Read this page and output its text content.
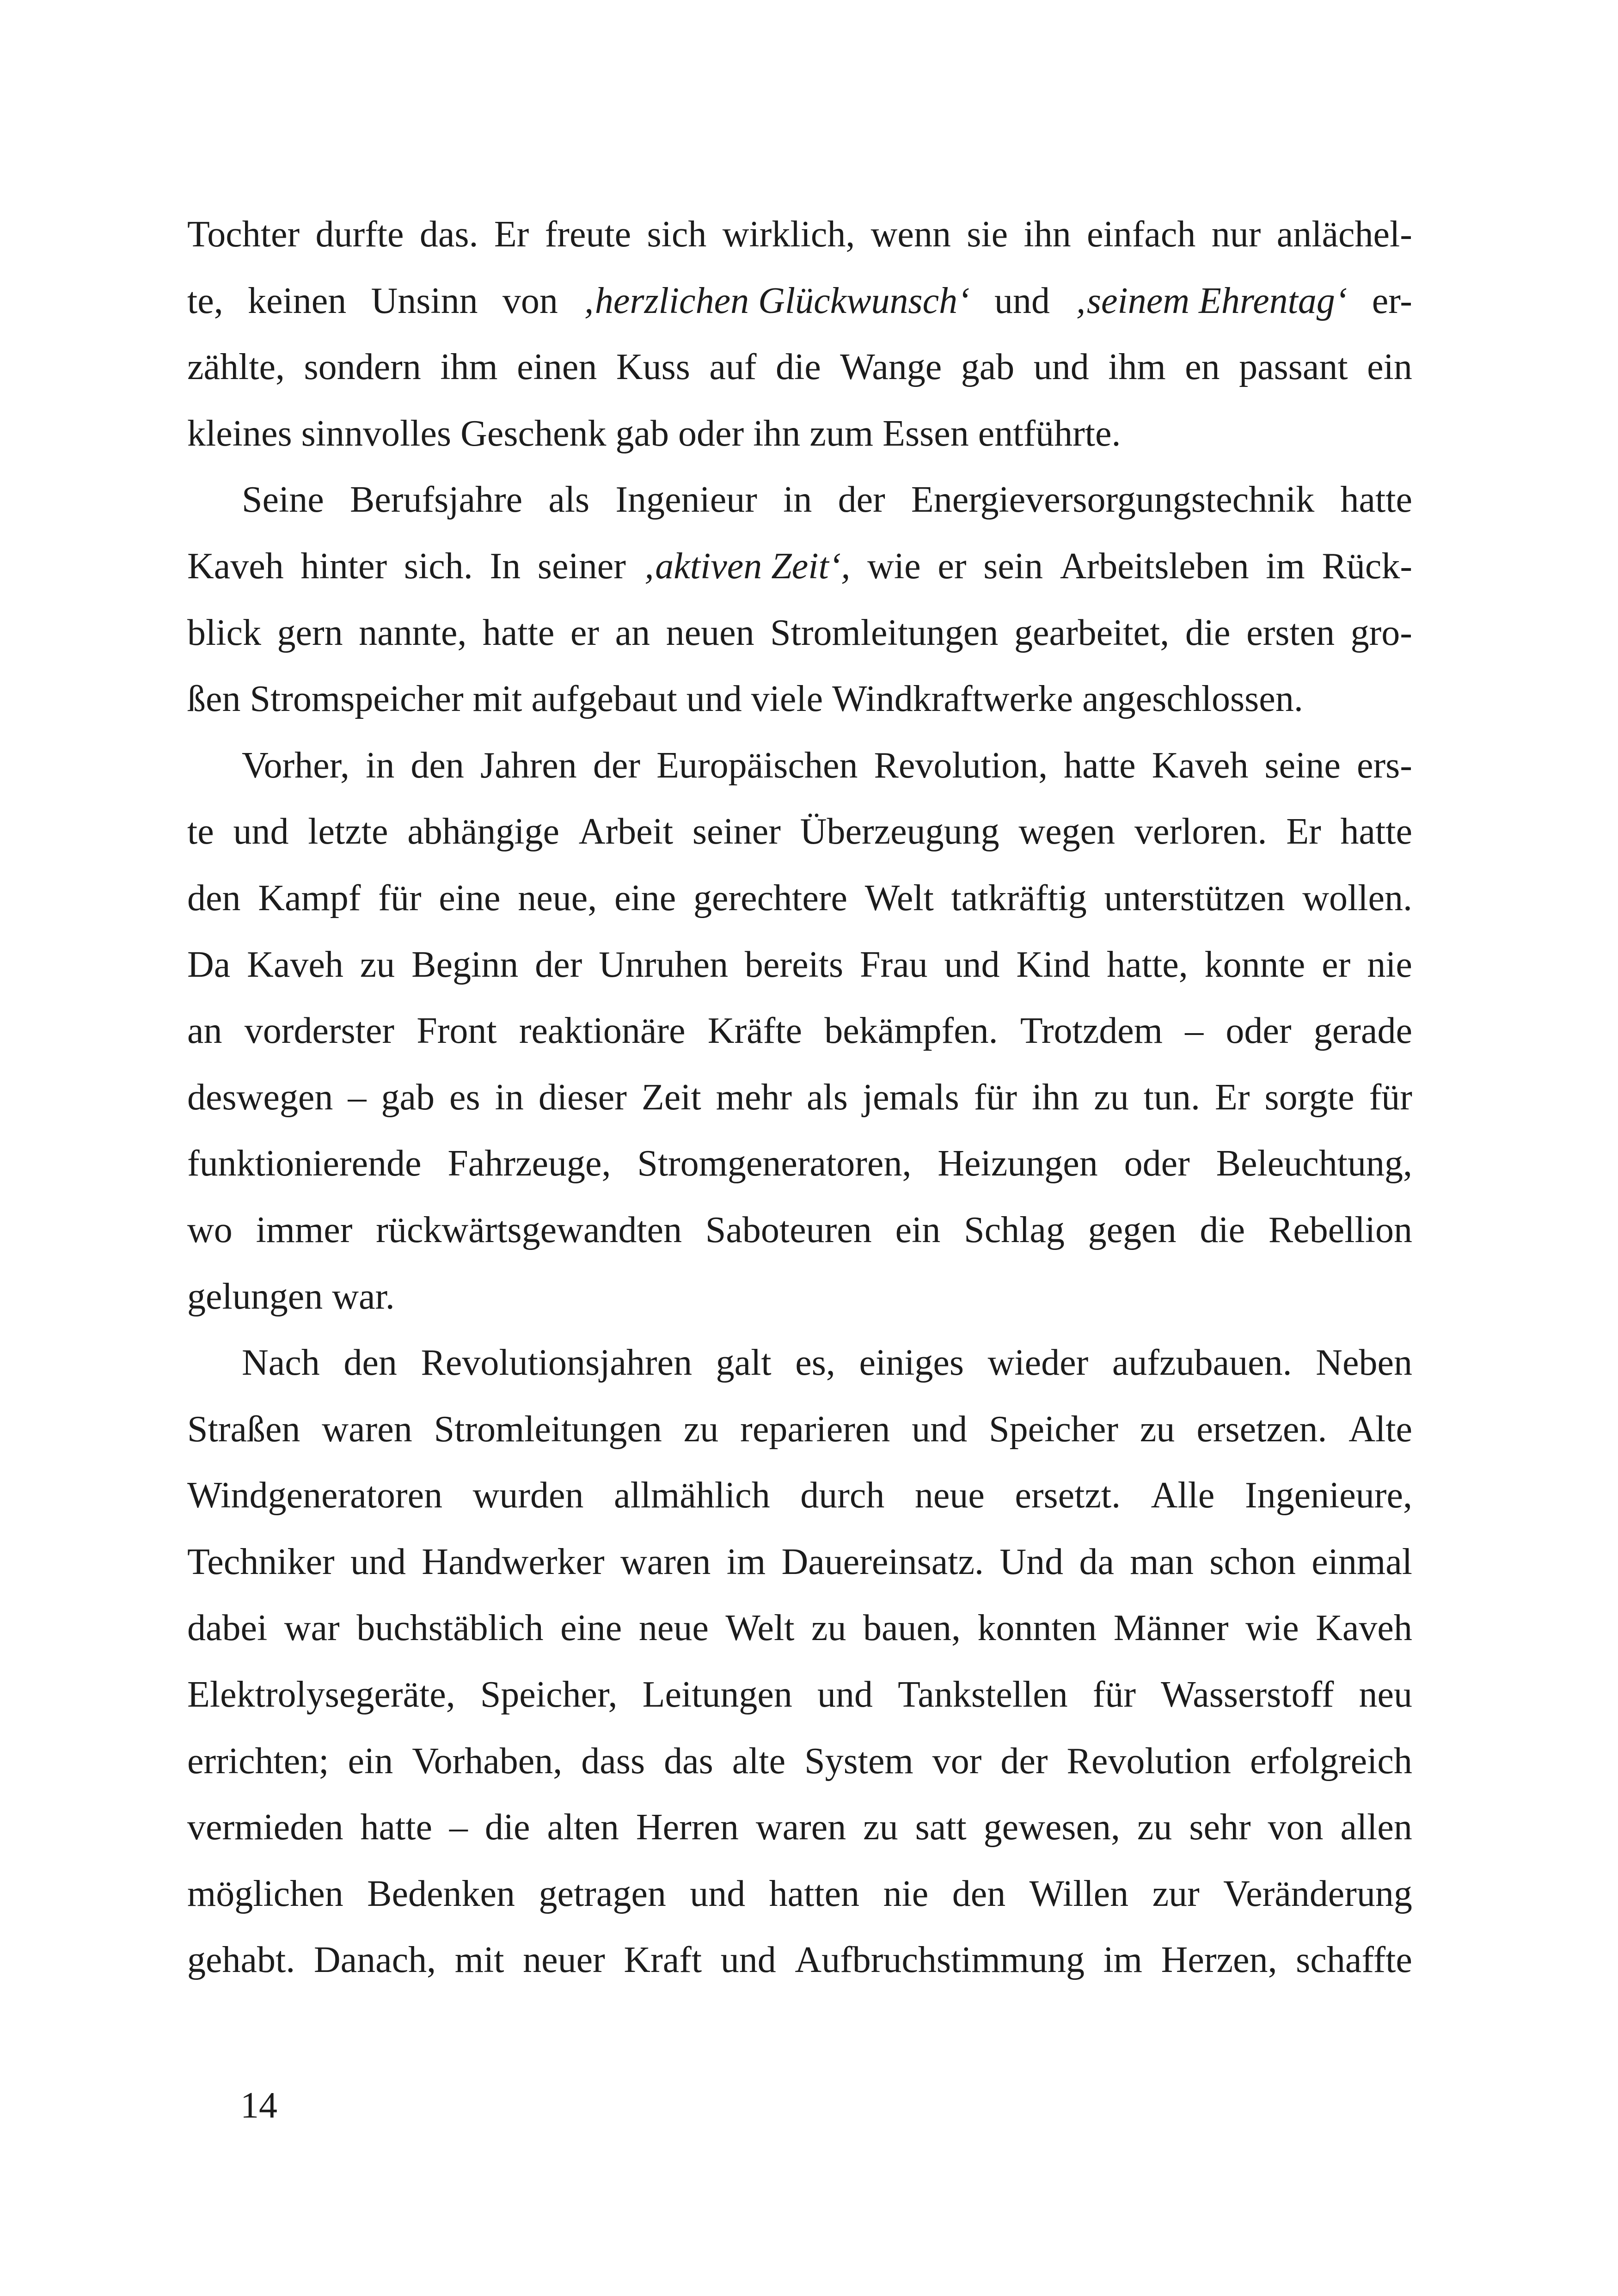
Tochter durfte das. Er freute sich wirklich, wenn sie ihn einfach nur anlächel-
te, keinen Unsinn von ‚herzlichen Glückwunsch‘ und ‚seinem Ehrentag‘ er-
zählte, sondern ihm einen Kuss auf die Wange gab und ihm en passant ein
kleines sinnvolles Geschenk gab oder ihn zum Essen entführte.
Seine Berufsjahre als Ingenieur in der Energieversorgungstechnik hatte
Kaveh hinter sich. In seiner ‚aktiven Zeit‘, wie er sein Arbeitsleben im Rück-
blick gern nannte, hatte er an neuen Stromleitungen gearbeitet, die ersten gro-
ßen Stromspeicher mit aufgebaut und viele Windkraftwerke angeschlossen.
Vorher, in den Jahren der Europäischen Revolution, hatte Kaveh seine ers-
te und letzte abhängige Arbeit seiner Überzeugung wegen verloren. Er hatte
den Kampf für eine neue, eine gerechtere Welt tatkräftig unterstützen wollen.
Da Kaveh zu Beginn der Unruhen bereits Frau und Kind hatte, konnte er nie
an vorderster Front reaktionäre Kräfte bekämpfen. Trotzdem – oder gerade
deswegen – gab es in dieser Zeit mehr als jemals für ihn zu tun. Er sorgte für
funktionierende Fahrzeuge, Stromgeneratoren, Heizungen oder Beleuchtung,
wo immer rückwärtsgewandten Saboteuren ein Schlag gegen die Rebellion
gelungen war.
Nach den Revolutionsjahren galt es, einiges wieder aufzubauen. Neben
Straßen waren Stromleitungen zu reparieren und Speicher zu ersetzen. Alte
Windgeneratoren wurden allmählich durch neue ersetzt. Alle Ingenieure,
Techniker und Handwerker waren im Dauereinsatz. Und da man schon einmal
dabei war buchstäblich eine neue Welt zu bauen, konnten Männer wie Kaveh
Elektrolysegeräte, Speicher, Leitungen und Tankstellen für Wasserstoff neu
errichten; ein Vorhaben, dass das alte System vor der Revolution erfolgreich
vermieden hatte – die alten Herren waren zu satt gewesen, zu sehr von allen
möglichen Bedenken getragen und hatten nie den Willen zur Veränderung
gehabt. Danach, mit neuer Kraft und Aufbruchstimmung im Herzen, schaffte
14
